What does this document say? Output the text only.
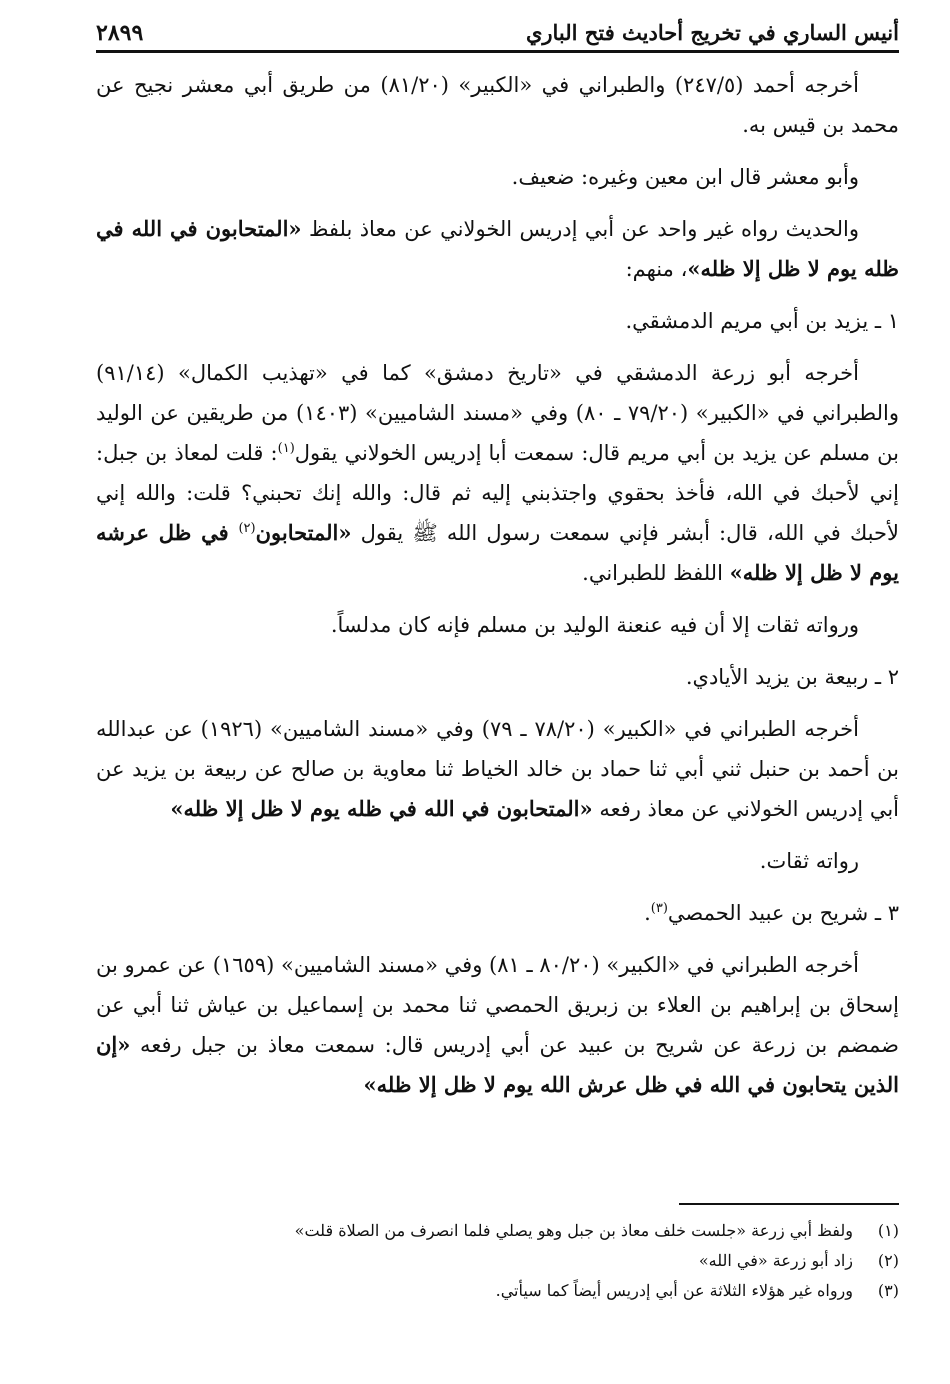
أنيس الساري في تخريج أحاديث فتح الباري
٢٨٩٩

أخرجه أحمد (٢٤٧/٥) والطبراني في «الكبير» (٨١/٢٠) من طريق أبي معشر نجيح عن محمد بن قيس به.

وأبو معشر قال ابن معين وغيره: ضعيف.

والحديث رواه غير واحد عن أبي إدريس الخولاني عن معاذ بلفظ «المتحابون في الله في ظله يوم لا ظل إلا ظله»، منهم:

١ ـ يزيد بن أبي مريم الدمشقي.

أخرجه أبو زرعة الدمشقي في «تاريخ دمشق» كما في «تهذيب الكمال» (٩١/١٤) والطبراني في «الكبير» (٧٩/٢٠ ـ ٨٠) وفي «مسند الشاميين» (١٤٠٣) من طريقين عن الوليد بن مسلم عن يزيد بن أبي مريم قال: سمعت أبا إدريس الخولاني يقول$^{(١)}$: قلت لمعاذ بن جبل: إني لأحبك في الله، فأخذ بحقوي واجتذبني إليه ثم قال: والله إنك تحبني؟ قلت: والله إني لأحبك في الله، قال: أبشر فإني سمعت رسول الله ﷺ يقول «المتحابون$^{(٢)}$ في ظل عرشه يوم لا ظل إلا ظله» اللفظ للطبراني.

ورواته ثقات إلا أن فيه عنعنة الوليد بن مسلم فإنه كان مدلساً.

٢ ـ ربيعة بن يزيد الأيادي.

أخرجه الطبراني في «الكبير» (٧٨/٢٠ ـ ٧٩) وفي «مسند الشاميين» (١٩٢٦) عن عبدالله بن أحمد بن حنبل ثني أبي ثنا حماد بن خالد الخياط ثنا معاوية بن صالح عن ربيعة بن يزيد عن أبي إدريس الخولاني عن معاذ رفعه «المتحابون في الله في ظله يوم لا ظل إلا ظله»

رواته ثقات.

٣ ـ شريح بن عبيد الحمصي$^{(٣)}$.

أخرجه الطبراني في «الكبير» (٨٠/٢٠ ـ ٨١) وفي «مسند الشاميين» (١٦٥٩) عن عمرو بن إسحاق بن إبراهيم بن العلاء بن زبريق الحمصي ثنا محمد بن إسماعيل بن عياش ثنا أبي عن ضمضم بن زرعة عن شريح بن عبيد عن أبي إدريس قال: سمعت معاذ بن جبل رفعه «إن الذين يتحابون في الله في ظل عرش الله يوم لا ظل إلا ظله»

(١)
ولفظ أبي زرعة «جلست خلف معاذ بن جبل وهو يصلي فلما انصرف من الصلاة قلت»
(٢)
زاد أبو زرعة «في الله»
(٣)
ورواه غير هؤلاء الثلاثة عن أبي إدريس أيضاً كما سيأتي.
